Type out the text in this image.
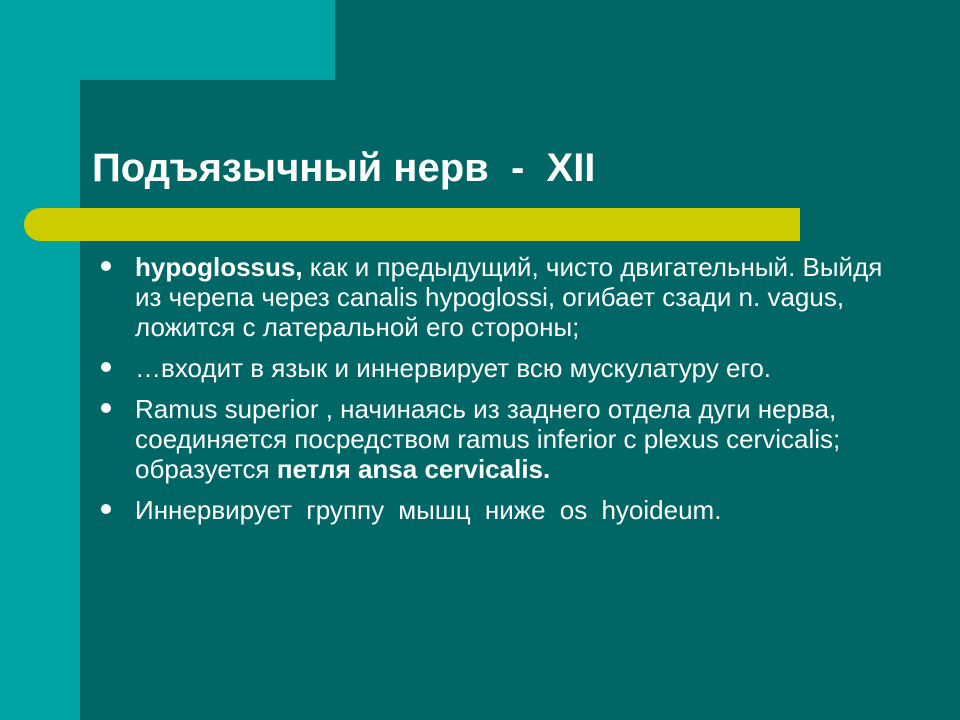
Подъязычный нерв  -  XII
hypoglossus, как и предыдущий, чисто двигательный. Выйдя из черепа через canalis hypoglossi, огибает сзади n. vagus, ложится с латеральной его стороны;
…входит в язык и иннервирует всю мускулатуру его.
Ramus superior , начинаясь из заднего отдела дуги нерва, соединяется посредством ramus inferior с plexus cervicalis; образуется петля ansa cervicalis.
Иннервирует группу мышц ниже os hyoideum.
